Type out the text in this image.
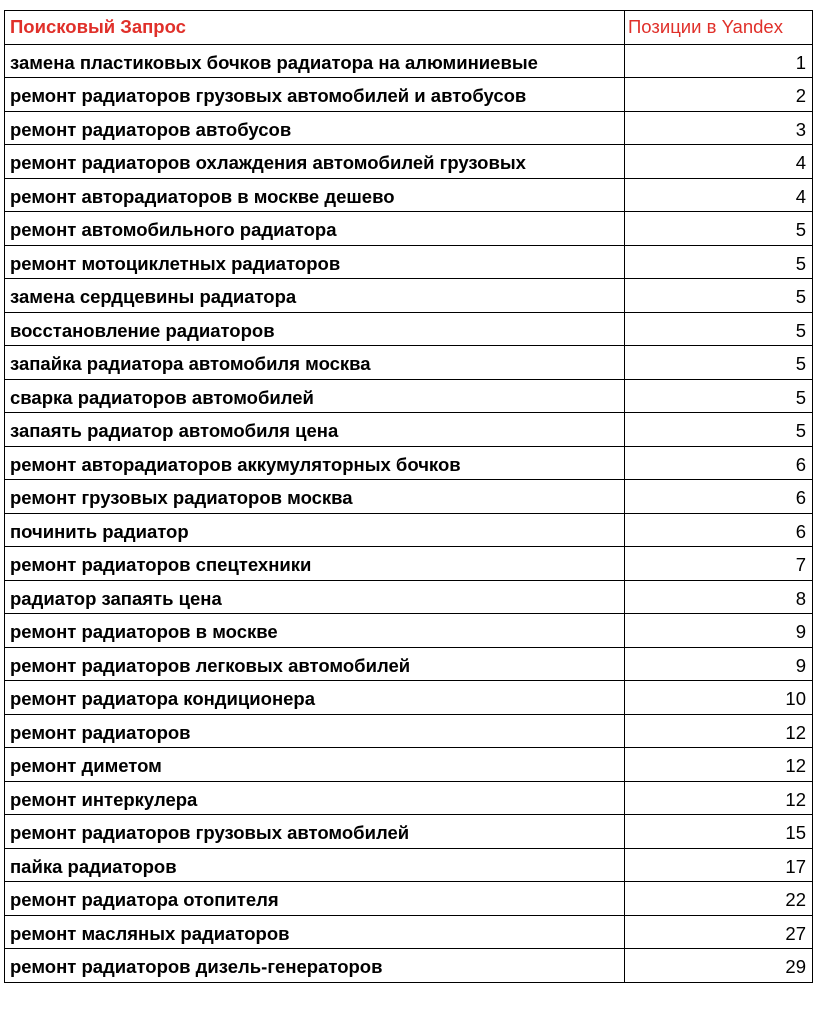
Поисковый Запрос	Позиции в Yandex
замена пластиковых бочков радиатора на алюминиевые	1
ремонт радиаторов грузовых автомобилей и автобусов	2
ремонт радиаторов автобусов	3
ремонт радиаторов охлаждения автомобилей грузовых	4
ремонт авторадиаторов в москве дешево	4
ремонт автомобильного радиатора	5
ремонт мотоциклетных радиаторов	5
замена сердцевины радиатора	5
восстановление радиаторов	5
запайка радиатора автомобиля москва	5
сварка радиаторов автомобилей	5
запаять радиатор автомобиля цена	5
ремонт авторадиаторов аккумуляторных бочков	6
ремонт грузовых радиаторов москва	6
починить радиатор	6
ремонт радиаторов спецтехники	7
радиатор запаять цена	8
ремонт радиаторов в москве	9
ремонт радиаторов легковых автомобилей	9
ремонт радиатора кондиционера	10
ремонт радиаторов	12
ремонт диметом	12
ремонт интеркулера	12
ремонт радиаторов грузовых автомобилей	15
пайка радиаторов	17
ремонт радиатора отопителя	22
ремонт масляных радиаторов	27
ремонт радиаторов дизель-генераторов	29
